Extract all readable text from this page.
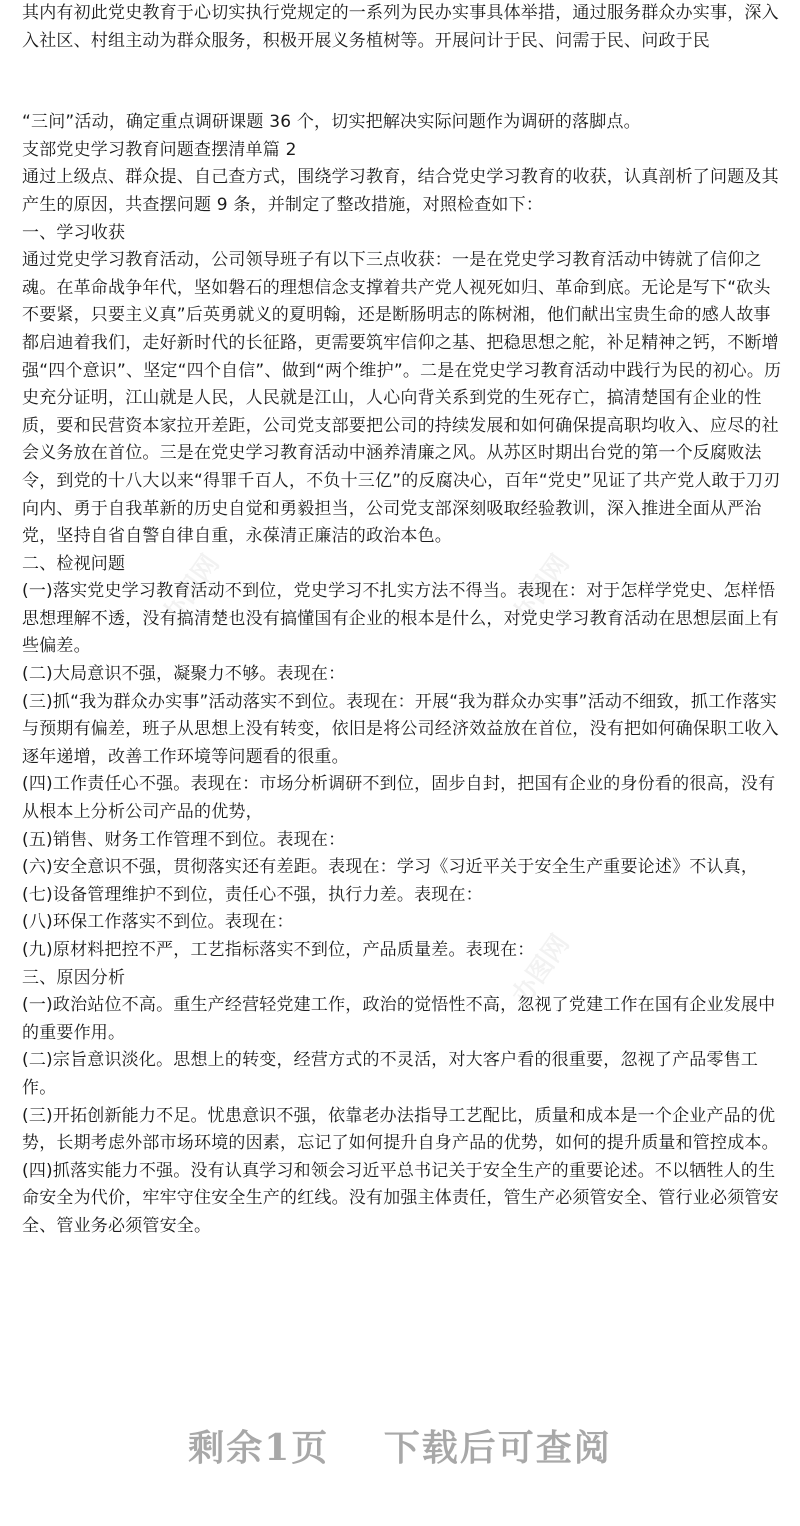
其内有初此党史教育于心切实执行党规定的一系列为民办实事具体举措，通过服务群众办实事，深入

入社区、村组主动为群众服务，积极开展义务植树等。开展问计于民、问需于民、问政于民

“三问”活动，确定重点调研课题 36 个，切实把解决实际问题作为调研的落脚点。

支部党史学习教育问题查摆清单篇 2

通过上级点、群众提、自己查方式，围绕学习教育，结合党史学习教育的收获，认真剖析了问题及其产生的原因，共查摆问题 9 条，并制定了整改措施，对照检查如下：

一、学习收获

通过党史学习教育活动，公司领导班子有以下三点收获：一是在党史学习教育活动中铸就了信仰之魂。在革命战争年代，坚如磐石的理想信念支撑着共产党人视死如归、革命到底。无论是写下“砍头不要紧，只要主义真”后英勇就义的夏明翰，还是断肠明志的陈树湘，他们献出宝贵生命的感人故事都启迪着我们，走好新时代的长征路，更需要筑牢信仰之基、把稳思想之舵，补足精神之钙，不断增强“四个意识”、坚定“四个自信”、做到“两个维护”。二是在党史学习教育活动中践行为民的初心。历史充分证明，江山就是人民，人民就是江山，人心向背关系到党的生死存亡，搞清楚国有企业的性质，要和民营资本家拉开差距，公司党支部要把公司的持续发展和如何确保提高职均收入、应尽的社会义务放在首位。三是在党史学习教育活动中涵养清廉之风。从苏区时期出台党的第一个反腐败法令，到党的十八大以来“得罪千百人，不负十三亿”的反腐决心，百年“党史”见证了共产党人敢于刀刃向内、勇于自我革新的历史自觉和勇毅担当，公司党支部深刻吸取经验教训，深入推进全面从严治党，坚持自省自警自律自重，永葆清正廉洁的政治本色。

二、检视问题

(一)落实党史学习教育活动不到位，党史学习不扎实方法不得当。表现在：对于怎样学党史、怎样悟思想理解不透，没有搞清楚也没有搞懂国有企业的根本是什么，对党史学习教育活动在思想层面上有些偏差。

(二)大局意识不强，凝聚力不够。表现在：

(三)抓“我为群众办实事”活动落实不到位。表现在：开展“我为群众办实事”活动不细致，抓工作落实与预期有偏差，班子从思想上没有转变，依旧是将公司经济效益放在首位，没有把如何确保职工收入逐年递增，改善工作环境等问题看的很重。

(四)工作责任心不强。表现在：市场分析调研不到位，固步自封，把国有企业的身份看的很高，没有从根本上分析公司产品的优势，

(五)销售、财务工作管理不到位。表现在：

(六)安全意识不强，贯彻落实还有差距。表现在：学习《习近平关于安全生产重要论述》不认真，

(七)设备管理维护不到位，责任心不强，执行力差。表现在：

(八)环保工作落实不到位。表现在：

(九)原材料把控不严，工艺指标落实不到位，产品质量差。表现在：

三、原因分析

(一)政治站位不高。重生产经营轻党建工作，政治的觉悟性不高，忽视了党建工作在国有企业发展中的重要作用。

(二)宗旨意识淡化。思想上的转变，经营方式的不灵活，对大客户看的很重要，忽视了产品零售工作。

(三)开拓创新能力不足。忧患意识不强，依靠老办法指导工艺配比，质量和成本是一个企业产品的优势，长期考虑外部市场环境的因素，忘记了如何提升自身产品的优势，如何的提升质量和管控成本。

(四)抓落实能力不强。没有认真学习和领会习近平总书记关于安全生产的重要论述。不以牺牲人的生命安全为代价，牢牢守住安全生产的红线。没有加强主体责任，管生产必须管安全、管行业必须管安全、管业务必须管安全。

办图网	办图网
办图网
剩余1页 下载后可查阅
